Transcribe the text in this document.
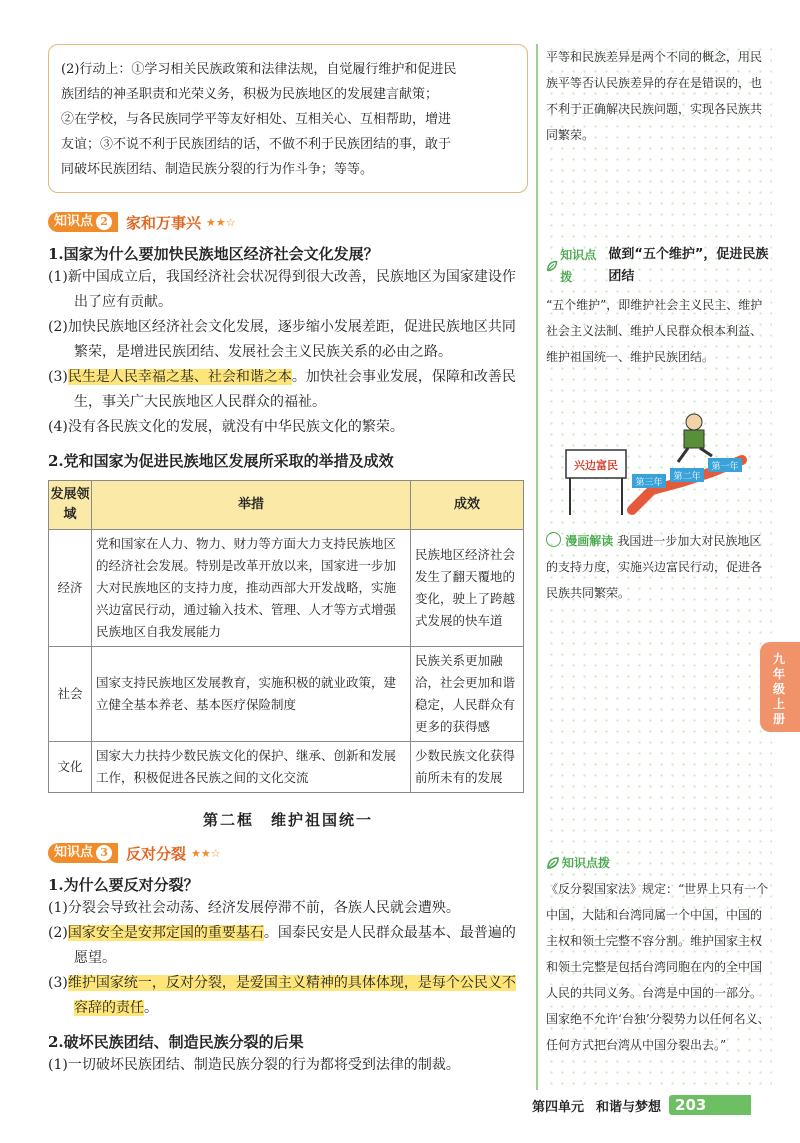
(2)行动上：①学习相关民族政策和法律法规，自觉履行维护和促进民

族团结的神圣职责和光荣义务，积极为民族地区的发展建言献策；

②在学校，与各民族同学平等友好相处、互相关心、互相帮助，增进

友谊；③不说不利于民族团结的话，不做不利于民族团结的事，敢于

同破坏民族团结、制造民族分裂的行为作斗争；等等。

知识点 2 家和万事兴 ★★☆
1.国家为什么要加快民族地区经济社会文化发展？
(1)新中国成立后，我国经济社会状况得到很大改善，民族地区为国家建设作出了应有贡献。
(2)加快民族地区经济社会文化发展，逐步缩小发展差距，促进民族地区共同繁荣，是增进民族团结、发展社会主义民族关系的必由之路。
(3)民生是人民幸福之基、社会和谐之本。加快社会事业发展，保障和改善民生，事关广大民族地区人民群众的福祉。
(4)没有各民族文化的发展，就没有中华民族文化的繁荣。
2.党和国家为促进民族地区发展所采取的举措及成效
发展领域	举措	成效
经济	党和国家在人力、物力、财力等方面大力支持民族地区的经济社会发展。特别是改革开放以来，国家进一步加大对民族地区的支持力度，推动西部大开发战略，实施兴边富民行动，通过输入技术、管理、人才等方式增强民族地区自我发展能力	民族地区经济社会发生了翻天覆地的变化，驶上了跨越式发展的快车道
社会	国家支持民族地区发展教育，实施积极的就业政策，建立健全基本养老、基本医疗保险制度	民族关系更加融洽，社会更加和谐稳定，人民群众有更多的获得感
文化	国家大力扶持少数民族文化的保护、继承、创新和发展工作，积极促进各民族之间的文化交流	少数民族文化获得前所未有的发展
第二框　维护祖国统一
知识点 3 反对分裂 ★★☆
1.为什么要反对分裂？
(1)分裂会导致社会动荡、经济发展停滞不前，各族人民就会遭殃。
(2)国家安全是安邦定国的重要基石。国泰民安是人民群众最基本、最普遍的愿望。
(3)维护国家统一，反对分裂，是爱国主义精神的具体体现，是每个公民义不容辞的责任。
2.破坏民族团结、制造民族分裂的后果
(1)一切破坏民族团结、制造民族分裂的行为都将受到法律的制裁。
平等和民族差异是两个不同的概念，用民族平等否认民族差异的存在是错误的，也不利于正确解决民族问题，实现各民族共同繁荣。
知识点拨
做到“五个维护”，促进民族团结
“五个维护”，即维护社会主义民主、维护社会主义法制、维护人民群众根本利益、维护祖国统一、维护民族团结。
兴边富民
第三年
第二年
第一年
漫画解读 我国进一步加大对民族地区的支持力度，实施兴边富民行动，促进各民族共同繁荣。
知识点拨
《反分裂国家法》规定：“世界上只有一个中国，大陆和台湾同属一个中国，中国的主权和领土完整不容分割。维护国家主权和领土完整是包括台湾同胞在内的全中国人民的共同义务。台湾是中国的一部分。国家绝不允许‘台独’分裂势力以任何名义、任何方式把台湾从中国分裂出去。”
九年级上册
第四单元 和谐与梦想 203
